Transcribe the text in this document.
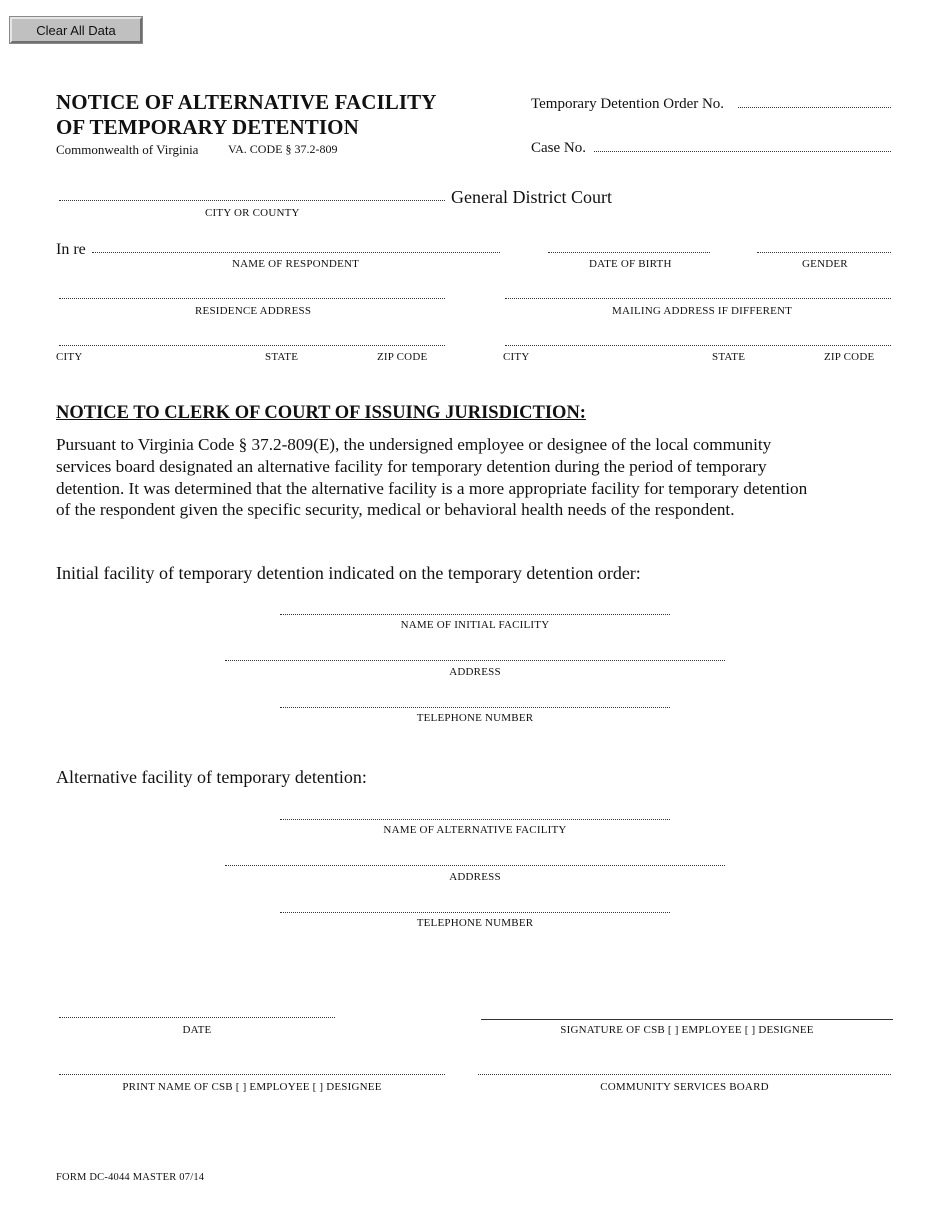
Clear All Data
NOTICE OF ALTERNATIVE FACILITY
OF TEMPORARY DETENTION
Commonwealth of Virginia VA. CODE § 37.2-809
Temporary Detention Order No.
Case No.
General District Court
CITY OR COUNTY
In re
NAME OF RESPONDENT	DATE OF BIRTH	GENDER
RESIDENCE ADDRESS	MAILING ADDRESS IF DIFFERENT
CITY	STATE	ZIP CODE	CITY	STATE	ZIP CODE
NOTICE TO CLERK OF COURT OF ISSUING JURISDICTION:
Pursuant to Virginia Code § 37.2-809(E), the undersigned employee or designee of the local community
services board designated an alternative facility for temporary detention during the period of temporary
detention. It was determined that the alternative facility is a more appropriate facility for temporary detention
of the respondent given the specific security, medical or behavioral health needs of the respondent.
Initial facility of temporary detention indicated on the temporary detention order:
NAME OF INITIAL FACILITY
ADDRESS
TELEPHONE NUMBER
Alternative facility of temporary detention:
NAME OF ALTERNATIVE FACILITY
ADDRESS
TELEPHONE NUMBER
DATE	SIGNATURE OF CSB [ ] EMPLOYEE [ ] DESIGNEE
PRINT NAME OF CSB [ ] EMPLOYEE [ ] DESIGNEE	COMMUNITY SERVICES BOARD
FORM DC-4044 MASTER 07/14
